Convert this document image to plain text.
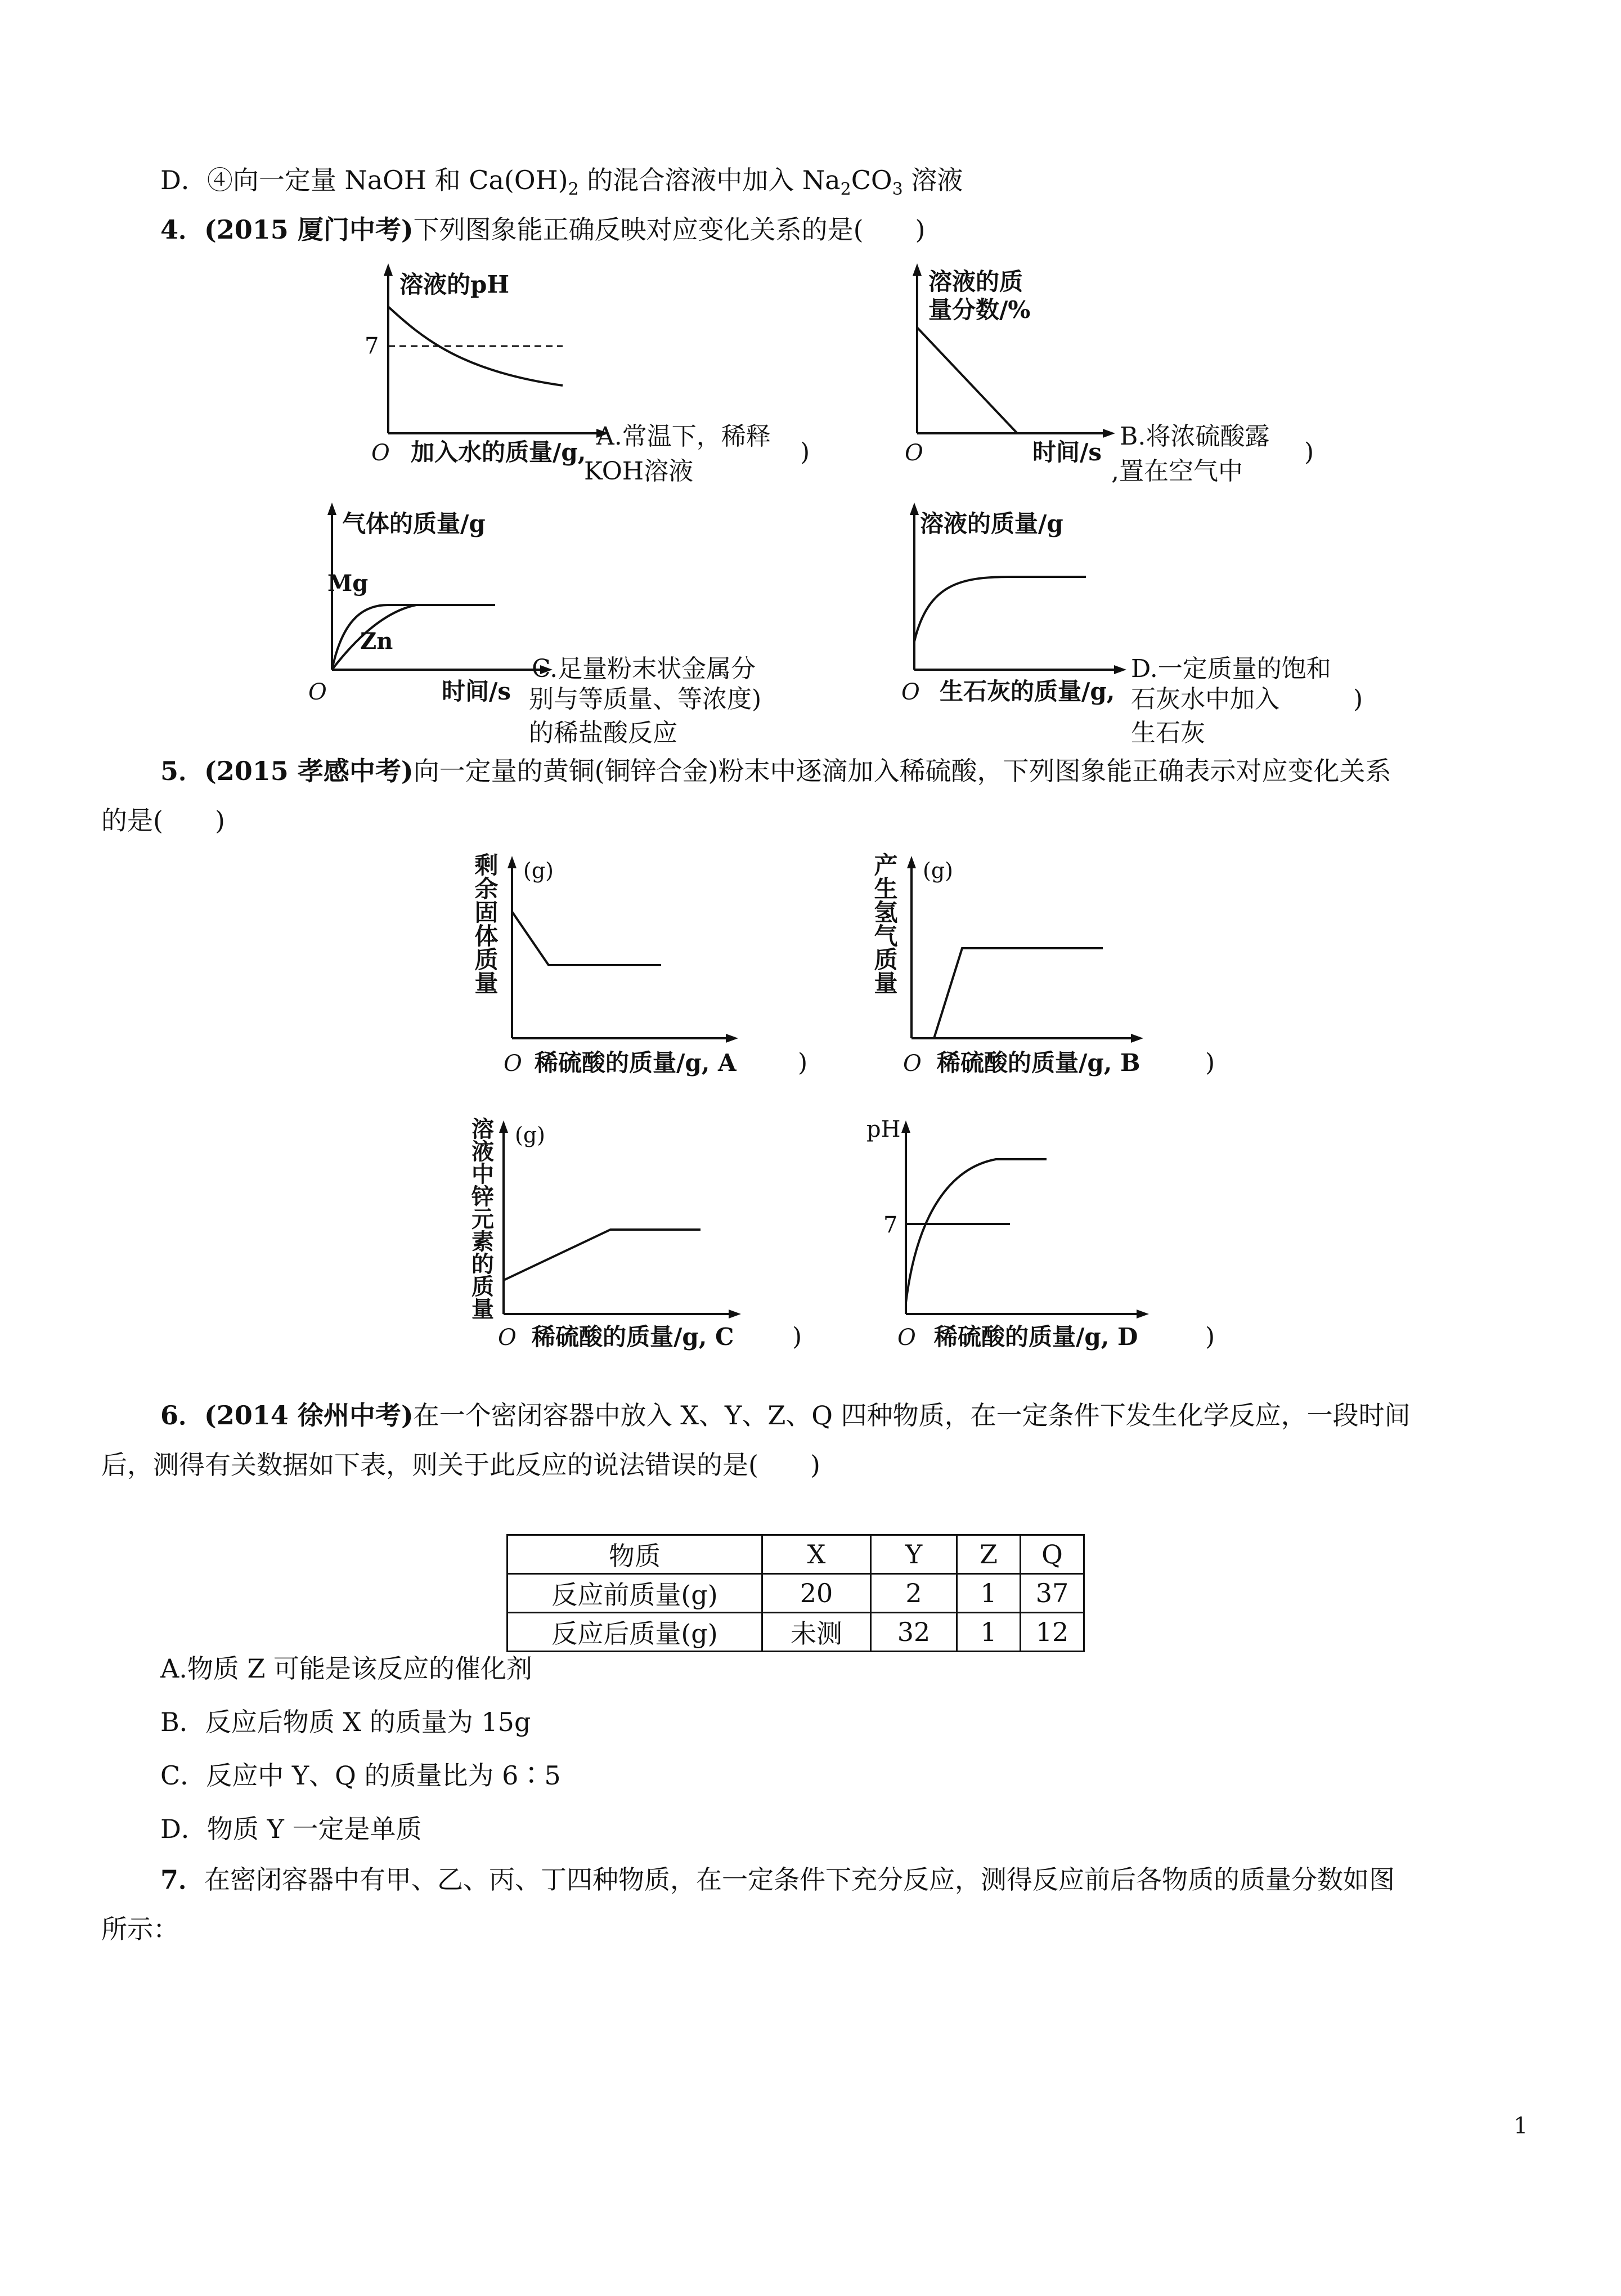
D．④向一定量 NaOH 和 $Ca(OH)_2$ 的混合溶液中加入 $Na_2CO_3$ 溶液
4．(2015 厦门中考)下列图象能正确反映对应变化关系的是(　　)
溶液的pH
7
O 加入水的质量/g,
A.常温下，稀释
KOH溶液
)
溶液的质
量分数/%
O	时间/s
B.将浓硫酸露
,置在空气中
)
气体的质量/g
Mg
Zn
O	时间/s
C.足量粉末状金属分
别与等质量、等浓度)
的稀盐酸反应
溶液的质量/g
O 生石灰的质量/g,
D.一定质量的饱和
石灰水中加入	)
生石灰
5．(2015 孝感中考)向一定量的黄铜(铜锌合金)粉末中逐滴加入稀硫酸，下列图象能正确表示对应变化关系
的是(　　)
剩余固体质量 (g)
O 稀硫酸的质量/g, A )
产生氢气质量 (g)
O 稀硫酸的质量/g, B	)
溶液中锌元素的质量 (g)
O 稀硫酸的质量/g, C )
pH
7
O 稀硫酸的质量/g, D	)
6．(2014 徐州中考)在一个密闭容器中放入 X、Y、Z、Q 四种物质，在一定条件下发生化学反应，一段时间
后，测得有关数据如下表，则关于此反应的说法错误的是(　　)
物质	X	Y	Z	Q
反应前质量(g)	20	2	1	37
反应后质量(g)	未测	32	1	12
A.物质 Z 可能是该反应的催化剂
B．反应后物质 X 的质量为 15g
C．反应中 Y、Q 的质量比为 6∶5
D．物质 Y 一定是单质
7．在密闭容器中有甲、乙、丙、丁四种物质，在一定条件下充分反应，测得反应前后各物质的质量分数如图
所示：
1
